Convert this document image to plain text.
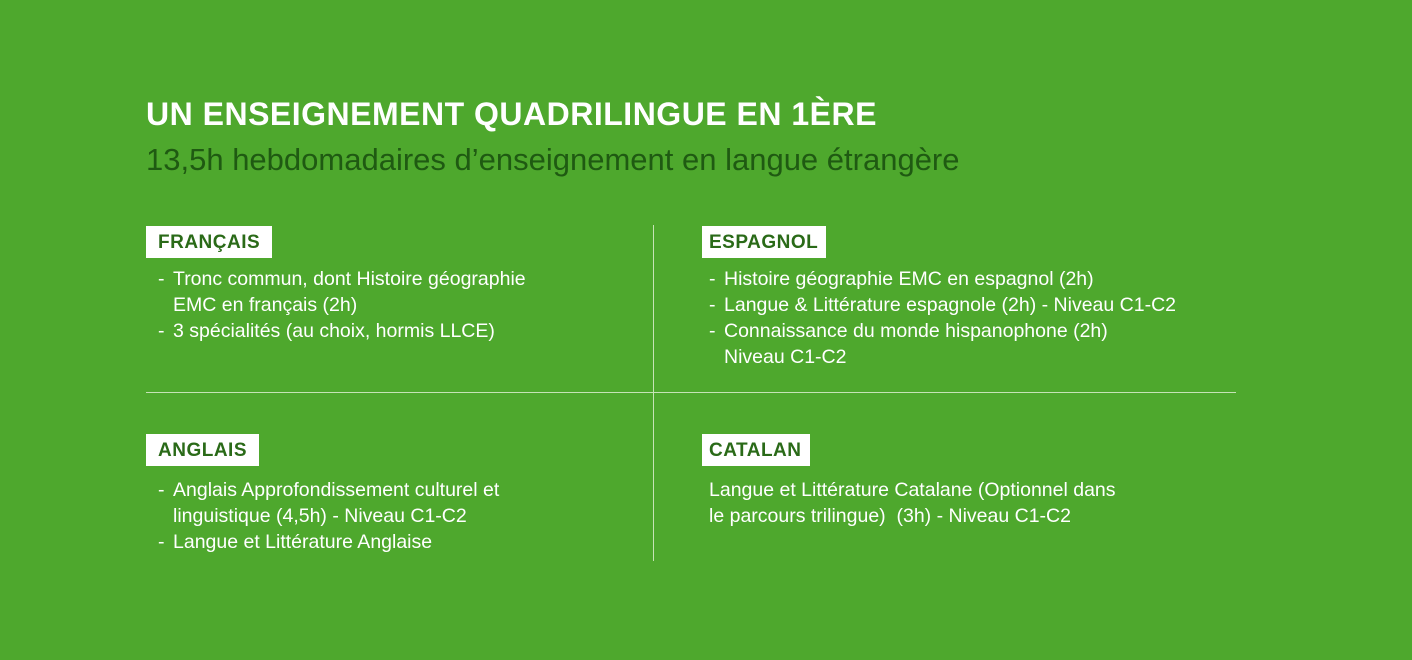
UN ENSEIGNEMENT QUADRILINGUE EN 1ÈRE
13,5h hebdomadaires d’enseignement en langue étrangère
FRANÇAIS
- Tronc commun, dont Histoire géographie
EMC en français (2h)
- 3 spécialités (au choix, hormis LLCE)
ESPAGNOL
- Histoire géographie EMC en espagnol (2h)
- Langue & Littérature espagnole (2h) - Niveau C1-C2
- Connaissance du monde hispanophone (2h)
Niveau C1-C2
ANGLAIS
- Anglais Approfondissement culturel et
linguistique (4,5h) - Niveau C1-C2
- Langue et Littérature Anglaise
CATALAN
Langue et Littérature Catalane (Optionnel dans
le parcours trilingue)  (3h) - Niveau C1-C2
